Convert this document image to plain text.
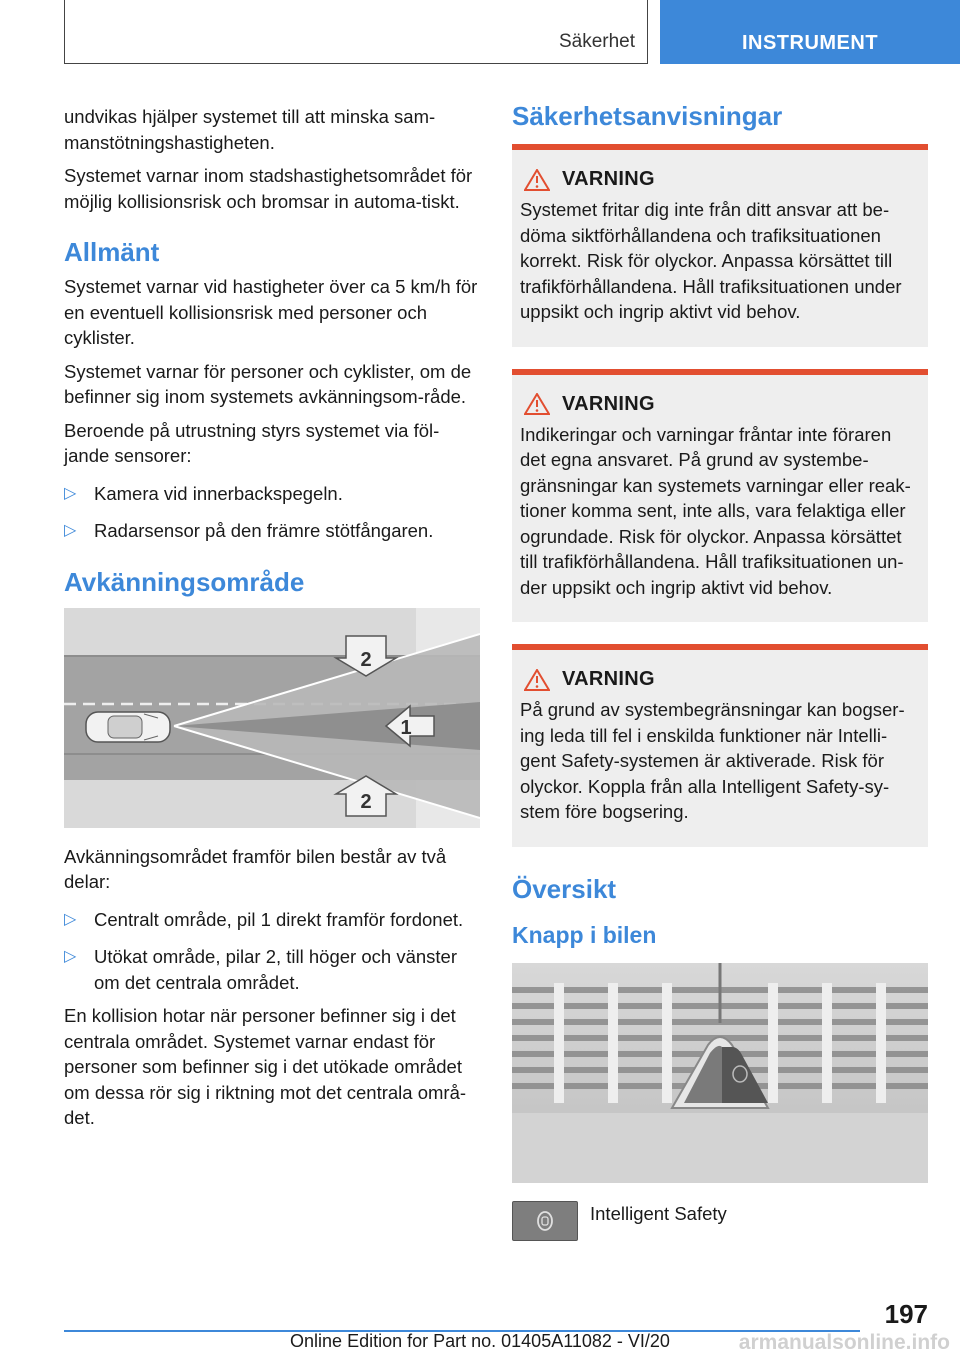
Säkerhet	INSTRUMENT

undvikas hjälper systemet till att minska sam-manstötningshastigheten.

Systemet varnar inom stadshastighetsområdet för möjlig kollisionsrisk och bromsar in automa-tiskt.

Allmänt

Systemet varnar vid hastigheter över ca 5 km/h för en eventuell kollisionsrisk med personer och cyklister.

Systemet varnar för personer och cyklister, om de befinner sig inom systemets avkänningsom-råde.

Beroende på utrustning styrs systemet via föl-jande sensorer:

▷ Kamera vid innerbackspegeln.
▷ Radarsensor på den främre stötfångaren.
Avkänningsområde
2
1
2

Avkänningsområdet framför bilen består av två delar:

▷ Centralt område, pil 1 direkt framför fordonet.
▷ Utökat område, pilar 2, till höger och vänster om det centrala området.

En kollision hotar när personer befinner sig i det centrala området. Systemet varnar endast för personer som befinner sig i det utökade området om dessa rör sig i riktning mot det centrala områ-det.

Säkerhetsanvisningar
VARNING

Systemet fritar dig inte från ditt ansvar att be-döma siktförhållandena och trafiksituationen korrekt. Risk för olyckor. Anpassa körsättet till trafikförhållandena. Håll trafiksituationen under uppsikt och ingrip aktivt vid behov.

VARNING

Indikeringar och varningar fråntar inte föraren det egna ansvaret. På grund av systembe-gränsningar kan systemets varningar eller reak-tioner komma sent, inte alls, vara felaktiga eller ogrundade. Risk för olyckor. Anpassa körsättet till trafikförhållandena. Håll trafiksituationen un-der uppsikt och ingrip aktivt vid behov.

VARNING

På grund av systembegränsningar kan bogser-ing leda till fel i enskilda funktioner när Intelli-gent Safety-systemen är aktiverade. Risk för olyckor. Koppla från alla Intelligent Safety-sy-stem före bogsering.

Översikt
Knapp i bilen
Intelligent Safety
197
Online Edition for Part no. 01405A11082 - VI/20	armanualsonline.info
